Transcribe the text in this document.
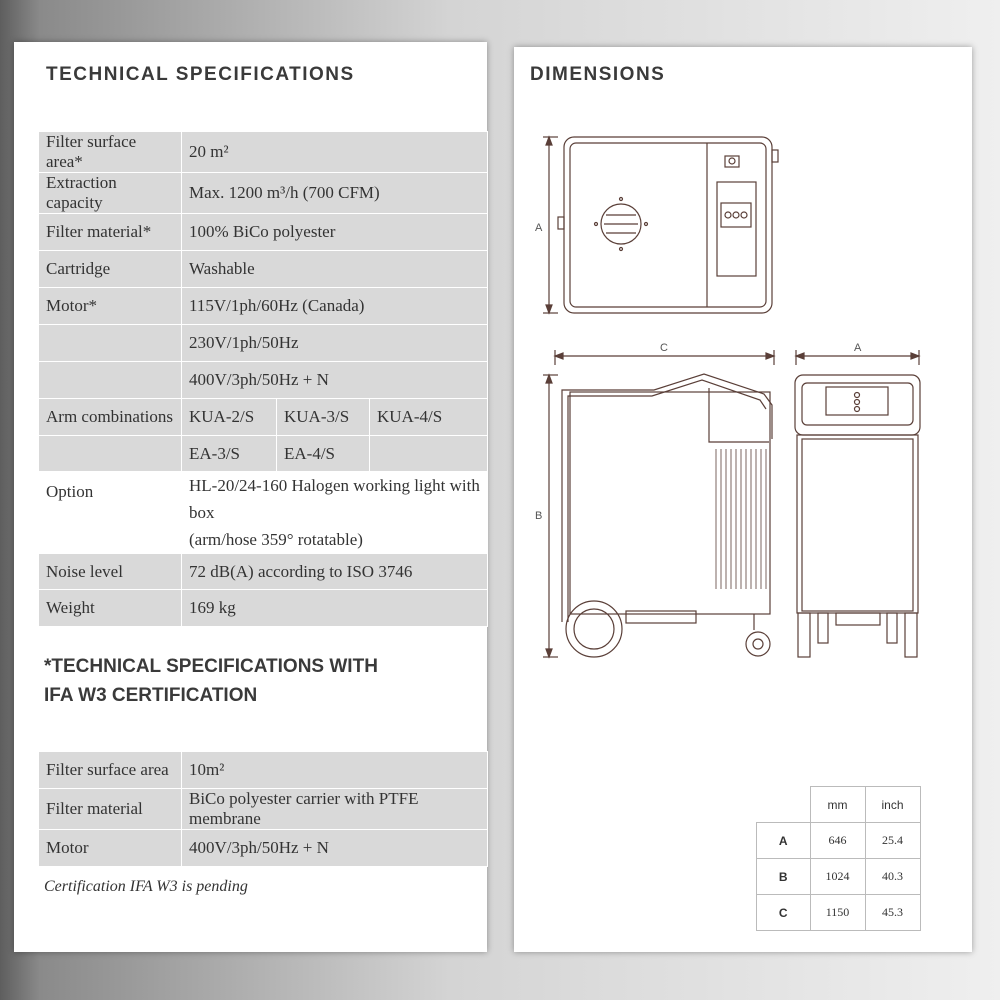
TECHNICAL SPECIFICATIONS
Filter surface area*	20 m²		
Extraction capacity	Max. 1200 m³/h (700 CFM)		
Filter material*	100% BiCo polyester		
Cartridge	Washable		
Motor*	115V/1ph/60Hz (Canada)		
	230V/1ph/50Hz		
	400V/3ph/50Hz + N		
Arm combinations	KUA-2/S	KUA-3/S	KUA-4/S
	EA-3/S	EA-4/S	
Option	HL-20/24-160 Halogen working light with box
(arm/hose 359° rotatable)		

Noise level	72 dB(A) according to ISO 3746		
Weight	169 kg		
*TECHNICAL SPECIFICATIONS WITH
IFA W3 CERTIFICATION
Filter surface area	10m²
Filter material	BiCo polyester carrier with PTFE membrane
Motor	400V/3ph/50Hz + N
Certification IFA W3 is pending
DIMENSIONS
A
C
B
A
	mm	inch
A	646	25.4
B	1024	40.3
C	1150	45.3
